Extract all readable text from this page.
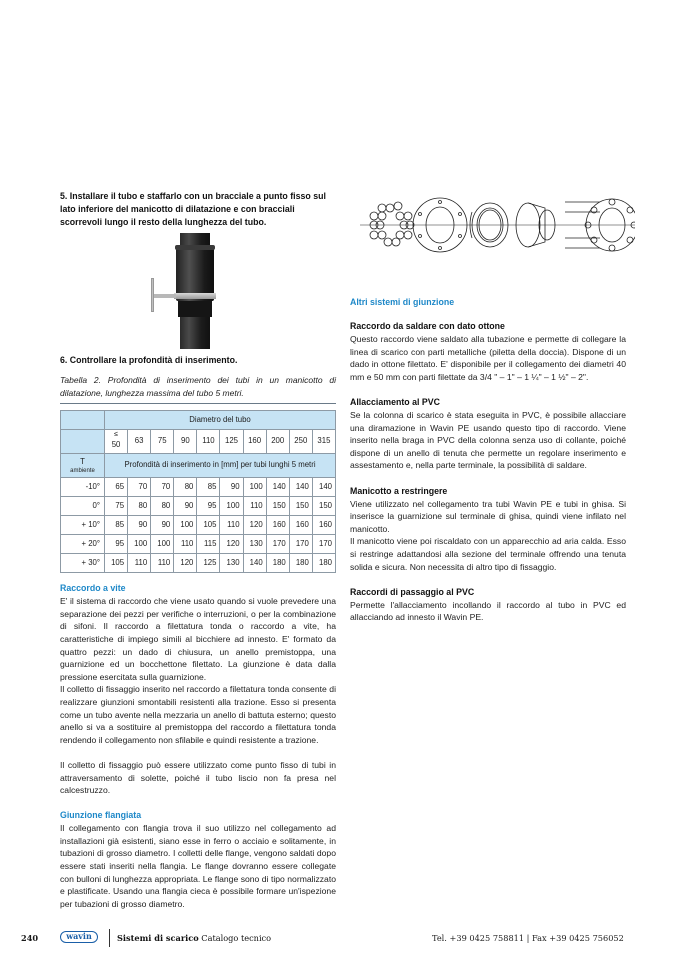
5. Installare il tubo e staffarlo con un bracciale a punto fisso sul lato inferiore del manicotto di dilatazione e con bracciali scorrevoli lungo il resto della lunghezza del tubo.
6. Controllare la profondità di inserimento.
Tabella 2. Profondità di inserimento dei tubi in un manicotto di dilatazione, lunghezza massima del tubo 5 metri.
	Diametro del tubo									

	≤
50	63	75	90	110	125	160	200	250	315
T
ambiente	Profondità di inserimento in [mm] per tubi lunghi 5 metri									
-10°	65	70	70	80	85	90	100	140	140	140
0°	75	80	80	90	95	100	110	150	150	150
+ 10°	85	90	90	100	105	110	120	160	160	160
+ 20°	95	100	100	110	115	120	130	170	170	170
+ 30°	105	110	110	120	125	130	140	180	180	180
Raccordo a vite
E' il sistema di raccordo che viene usato quando si vuole prevedere una separazione dei pezzi per verifiche o interruzioni, o per la combinazione di sifoni. Il raccordo a filettatura tonda o raccordo a vite, ha caratteristiche di impiego simili al bicchiere ad innesto. E' formato da quattro pezzi: un dado di chiusura, un anello premistoppa, una guarnizione ed un bocchettone filettato. La giunzione è data dalla pressione esercitata sulla guarnizione.
Il colletto di fissaggio inserito nel raccordo a filettatura tonda consente di realizzare giunzioni smontabili resistenti alla trazione. Esso si presenta come un tubo avente nella mezzaria un anello di battuta esterno; questo anello si va a sostituire al premistoppa del raccordo a filettatura tonda rendendo il collegamento non sfilabile e quindi resistente a trazione.
Il colletto di fissaggio può essere utilizzato come punto fisso di tubi in attraversamento di solette, poiché il tubo liscio non fa presa nel calcestruzzo.
Giunzione flangiata
Il collegamento con flangia trova il suo utilizzo nel collegamento ad installazioni già esistenti, siano esse in ferro o acciaio e solitamente, in tubazioni di grosso diametro. I colletti delle flange, vengono saldati dopo essere stati inseriti nella flangia. Le flange dovranno essere collegate con bulloni di lunghezza appropriata. Le flange sono di tipo normalizzato e plastificate. Usando una flangia cieca è possibile formare un'ispezione per tubazioni di grosso diametro.
Altri sistemi di giunzione
Raccordo da saldare con dato ottone
Questo raccordo viene saldato alla tubazione e permette di collegare la linea di scarico con parti metalliche (piletta della doccia). Dispone di un dado in ottone filettato. E' disponibile per il collegamento dei diametri 40 mm e 50 mm con parti filettate da 3/4 " – 1" – 1 ¼" – 1 ½" – 2".
Allacciamento al PVC
Se la colonna di scarico è stata eseguita in PVC, è possibile allacciare una diramazione in Wavin PE usando questo tipo di raccordo. Viene inserito nella braga in PVC della colonna senza uso di collante, poiché dispone di un anello di tenuta che permette un regolare inserimento e assestamento e, nella parte terminale, la possibilità di saldare.
Manicotto a restringere
Viene utilizzato nel collegamento tra tubi Wavin PE e tubi in ghisa. Si inserisce la guarnizione sul terminale di ghisa, quindi viene infilato nel manicotto.
Il manicotto viene poi riscaldato con un apparecchio ad aria calda. Esso si restringe adattandosi alla sezione del terminale offrendo una tenuta solida e sicura. Non necessita di altro tipo di fissaggio.
Raccordi di passaggio al PVC
Permette l'allacciamento incollando il raccordo al tubo in PVC ed allacciando ad innesto il Wavin PE.
240	wavin	Sistemi di scarico Catalogo tecnico	Tel. +39 0425 758811 | Fax +39 0425 756052
